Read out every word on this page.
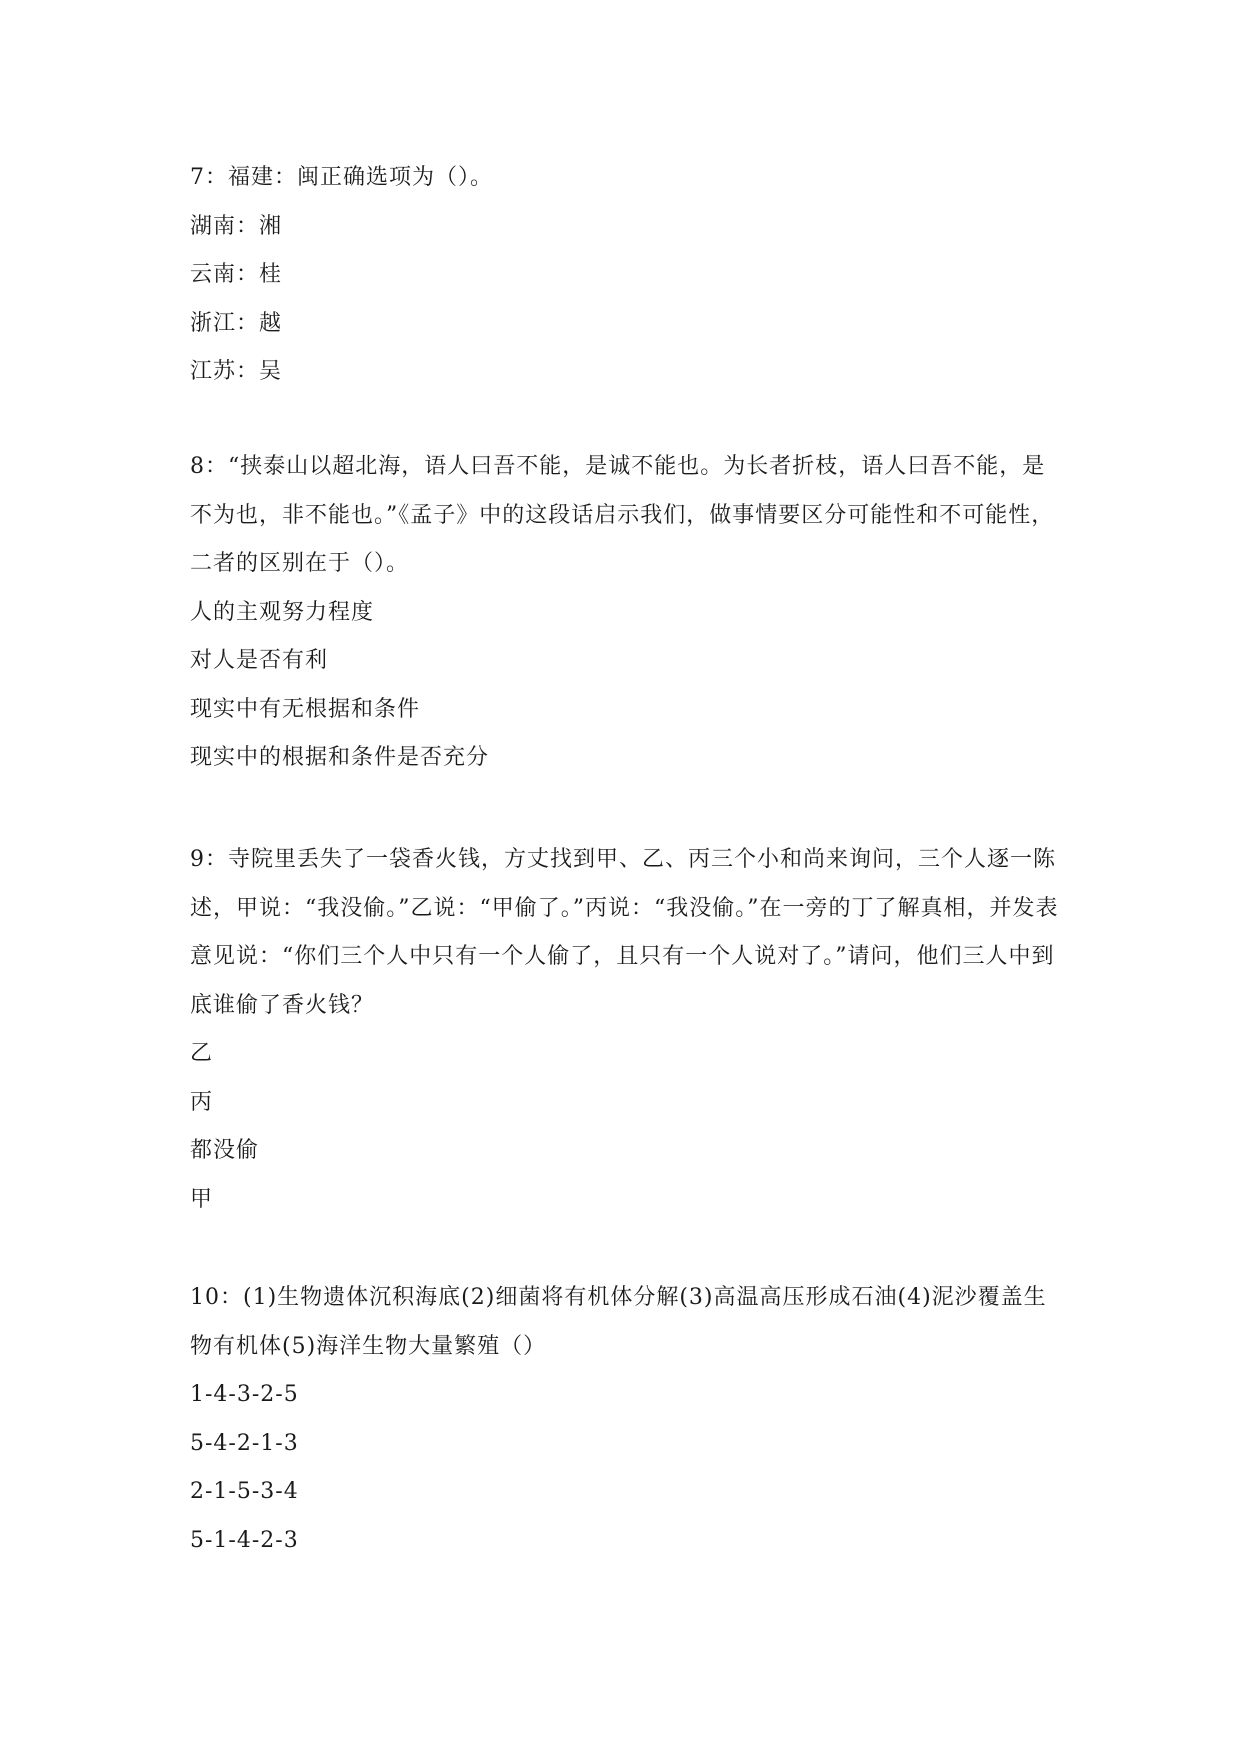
7：福建：闽正确选项为（）。

湖南：湘

云南：桂

浙江：越

江苏：吴

8：“挟泰山以超北海，语人曰吾不能，是诚不能也。为长者折枝，语人曰吾不能，是不为也，非不能也。”《孟子》中的这段话启示我们，做事情要区分可能性和不可能性，二者的区别在于（）。

人的主观努力程度

对人是否有利

现实中有无根据和条件

现实中的根据和条件是否充分

9：寺院里丢失了一袋香火钱，方丈找到甲、乙、丙三个小和尚来询问，三个人逐一陈述，甲说：“我没偷。”乙说：“甲偷了。”丙说：“我没偷。”在一旁的丁了解真相，并发表意见说：“你们三个人中只有一个人偷了，且只有一个人说对了。”请问，他们三人中到底谁偷了香火钱？

乙

丙

都没偷

甲

10：(1)生物遗体沉积海底(2)细菌将有机体分解(3)高温高压形成石油(4)泥沙覆盖生物有机体(5)海洋生物大量繁殖（）

1-4-3-2-5

5-4-2-1-3

2-1-5-3-4

5-1-4-2-3
